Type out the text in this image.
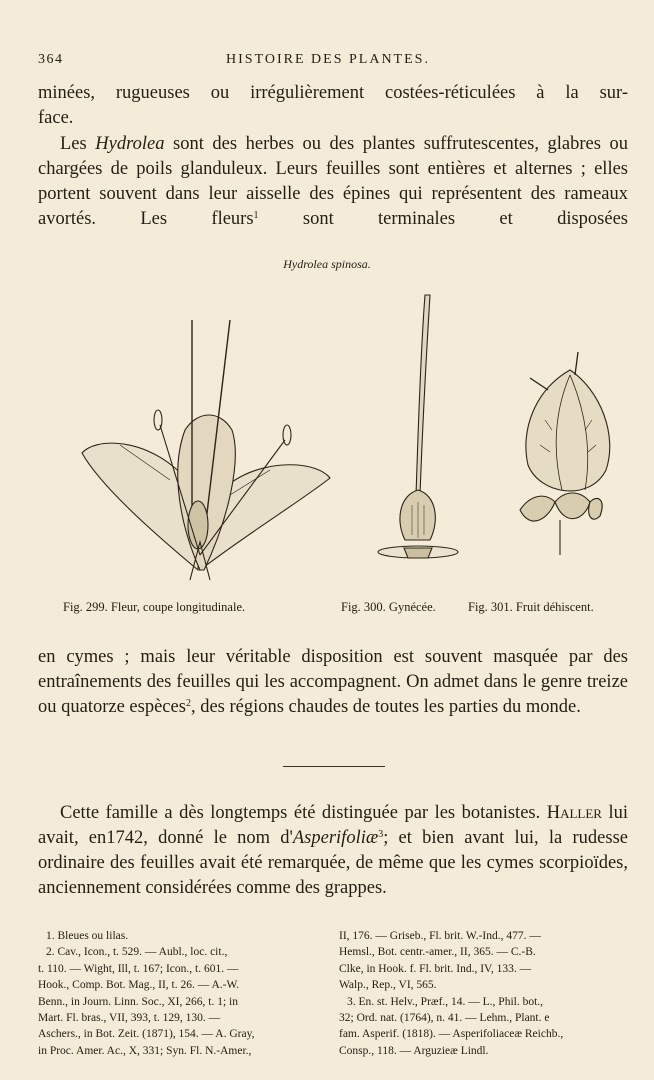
364	HISTOIRE DES PLANTES.

minées, rugueuses ou irrégulièrement costées-réticulées à la sur-

face.

Les Hydrolea sont des herbes ou des plantes suffrutescentes, glabres ou chargées de poils glanduleux. Leurs feuilles sont entières et alternes ; elles portent souvent dans leur aisselle des épines qui représentent des rameaux avortés. Les fleurs$^1$ sont terminales et disposées

Hydrolea spinosa.
Fig. 299. Fleur, coupe longitudinale.	Fig. 300. Gynécée.	Fig. 301. Fruit déhiscent.

en cymes ; mais leur véritable disposition est souvent masquée par des entraînements des feuilles qui les accompagnent. On admet dans le genre treize ou quatorze espèces$^2$, des régions chaudes de toutes les parties du monde.

Cette famille a dès longtemps été distinguée par les botanistes. Haller lui avait, en1742, donné le nom d'Asperifoliæ$^3$; et bien avant lui, la rudesse ordinaire des feuilles avait été remarquée, de même que les cymes scorpioïdes, anciennement considérées comme des grappes.

1. Bleues ou lilas.
2. Cav., Icon., t. 529. — Aubl., loc. cit.,
t. 110. — Wight, Ill, t. 167; Icon., t. 601. —
Hook., Comp. Bot. Mag., II, t. 26. — A.-W.
Benn., in Journ. Linn. Soc., XI, 266, t. 1; in
Mart. Fl. bras., VII, 393, t. 129, 130. —
Aschers., in Bot. Zeit. (1871), 154. — A. Gray,
in Proc. Amer. Ac., X, 331; Syn. Fl. N.-Amer.,
II, 176. — Griseb., Fl. brit. W.-Ind., 477. —
Hemsl., Bot. centr.-amer., II, 365. — C.-B.
Clke, in Hook. f. Fl. brit. Ind., IV, 133. —
Walp., Rep., VI, 565.
3. En. st. Helv., Præf., 14. — L., Phil. bot.,
32; Ord. nat. (1764), n. 41. — Lehm., Plant. e
fam. Asperif. (1818). — Asperifoliaceæ Reichb.,
Consp., 118. — Arguzieæ Lindl.
